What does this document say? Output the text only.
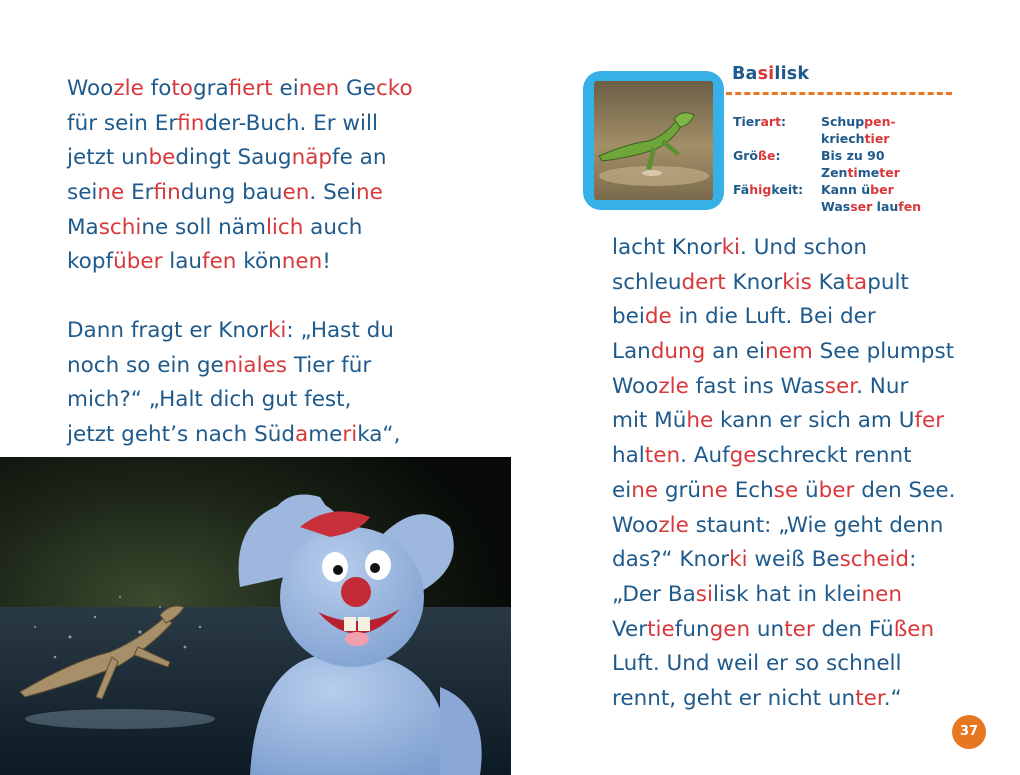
Woozle fotografiert einen Gecko
für sein Erfinder-Buch. Er will
jetzt unbedingt Saugnäpfe an
seine Erfindung bauen. Seine
Maschine soll nämlich auch
kopfüber laufen können!
Dann fragt er Knorki: „Hast du
noch so ein geniales Tier für
mich?“ „Halt dich gut fest,
jetzt geht’s nach Südamerika“,
Basilisk
Tierart:	Schuppen-
kriechtier
Größe:	Bis zu 90
Zentimeter
Fähigkeit: Kann über
Wasser laufen
lacht Knorki. Und schon
schleudert Knorkis Katapult
beide in die Luft. Bei der
Landung an einem See plumpst
Woozle fast ins Wasser. Nur
mit Mühe kann er sich am Ufer
halten. Aufgeschreckt rennt
eine grüne Echse über den See.
Woozle staunt: „Wie geht denn
das?“ Knorki weiß Bescheid:
„Der Basilisk hat in kleinen
Vertiefungen unter den Füßen
Luft. Und weil er so schnell
rennt, geht er nicht unter.“
37
